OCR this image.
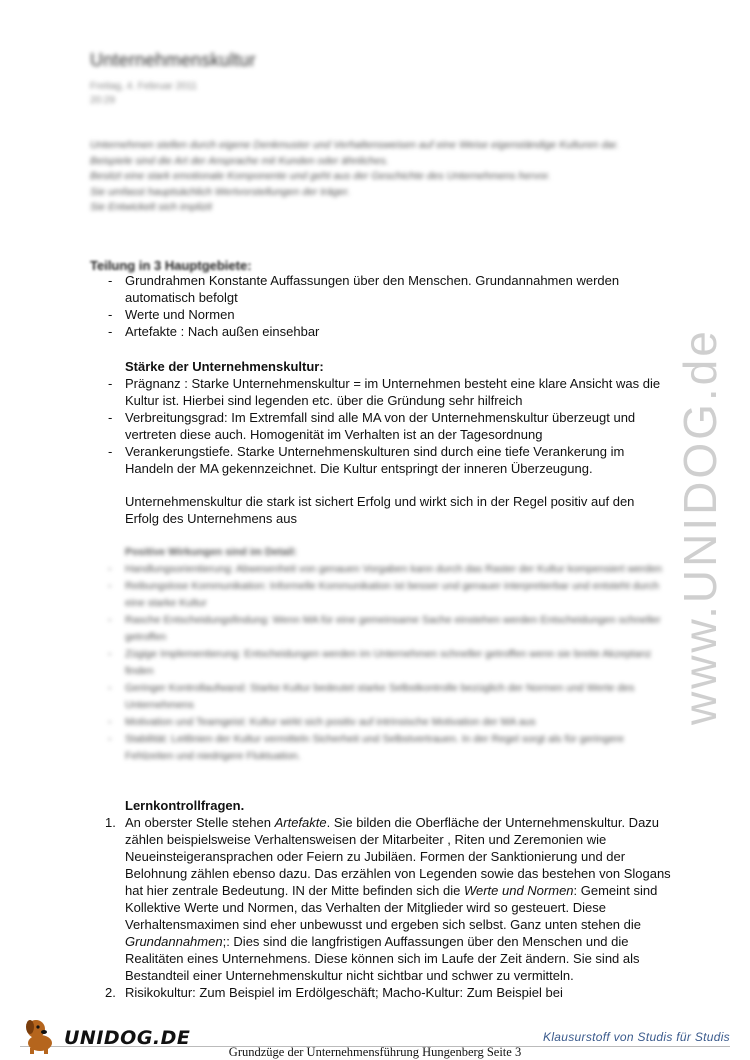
Unternehmenskultur
Freitag, 4. Februar 2011
20:29
Unternehmen stellen durch eigene Denkmuster und Verhaltensweisen auf eine Weise eigenständige Kulturen dar.
Beispiele sind die Art der Ansprache mit Kunden oder ähnliches.
Besitzt eine stark emotionale Komponente und geht aus der Geschichte des Unternehmens hervor.
Sie umfasst hauptsächlich Wertvorstellungen der träger.
Sie Entwickelt sich implizit
Teilung in 3 Hauptgebiete:
- Grundrahmen Konstante Auffassungen über den Menschen. Grundannahmen werden automatisch befolgt
- Werte und Normen
- Artefakte : Nach außen einsehbar
Stärke der Unternehmenskultur:
- Prägnanz : Starke Unternehmenskultur = im Unternehmen besteht eine klare Ansicht was die Kultur ist. Hierbei sind legenden etc. über die Gründung sehr hilfreich
- Verbreitungsgrad: Im Extremfall sind alle MA von der Unternehmenskultur überzeugt und vertreten diese auch. Homogenität im Verhalten ist an der Tagesordnung
- Verankerungstiefe. Starke Unternehmenskulturen sind durch eine tiefe Verankerung im Handeln der MA gekennzeichnet. Die Kultur entspringt der inneren Überzeugung.
Unternehmenskultur die stark ist sichert Erfolg und wirkt sich in der Regel positiv auf den Erfolg des Unternehmens aus
Positive Wirkungen sind im Detail:
- Handlungsorientierung: Abwesenheit von genauen Vorgaben kann durch das Raster der Kultur kompensiert werden
- Reibungslose Kommunikation: Informelle Kommunikation ist besser und genauer interpretierbar und entsteht durch eine starke Kultur
- Rasche Entscheidungsfindung: Wenn MA für eine gemeinsame Sache einstehen werden Entscheidungen schneller getroffen
- Zügige Implementierung: Entscheidungen werden im Unternehmen schneller getroffen wenn sie breite Akzeptanz finden
- Geringer Kontrollaufwand: Starke Kultur bedeutet starke Selbstkontrolle bezüglich der Normen und Werte des Unternehmens
- Motivation und Teamgeist: Kultur wirkt sich positiv auf intrinsische Motivation der MA aus
- Stabilität: Leitlinien der Kultur vermitteln Sicherheit und Selbstvertrauen. In der Regel sorgt als für geringere Fehlzeiten und niedrigere Fluktuation.
Lernkontrollfragen.
1. An oberster Stelle stehen Artefakte. Sie bilden die Oberfläche der Unternehmenskultur. Dazu zählen beispielsweise Verhaltensweisen der Mitarbeiter , Riten und Zeremonien wie Neueinsteigeransprachen oder Feiern zu Jubiläen. Formen der Sanktionierung und der Belohnung zählen ebenso dazu. Das erzählen von Legenden sowie das bestehen von Slogans hat hier zentrale Bedeutung. IN der Mitte befinden sich die Werte und Normen: Gemeint sind Kollektive Werte und Normen, das Verhalten der Mitglieder wird so gesteuert. Diese Verhaltensmaximen sind eher unbewusst und ergeben sich selbst. Ganz unten stehen die Grundannahmen;: Dies sind die langfristigen Auffassungen über den Menschen und die Realitäten eines Unternehmens. Diese können sich im Laufe der Zeit ändern. Sie sind als Bestandteil einer Unternehmenskultur nicht sichtbar und schwer zu vermitteln.
2. Risikokultur: Zum Beispiel im Erdölgeschäft; Macho-Kultur: Zum Beispiel bei
www.UNIDOG.de
UNIDOG.DE	Klausurstoff von Studis für Studis
Grundzüge der Unternehmensführung Hungenberg Seite 3
